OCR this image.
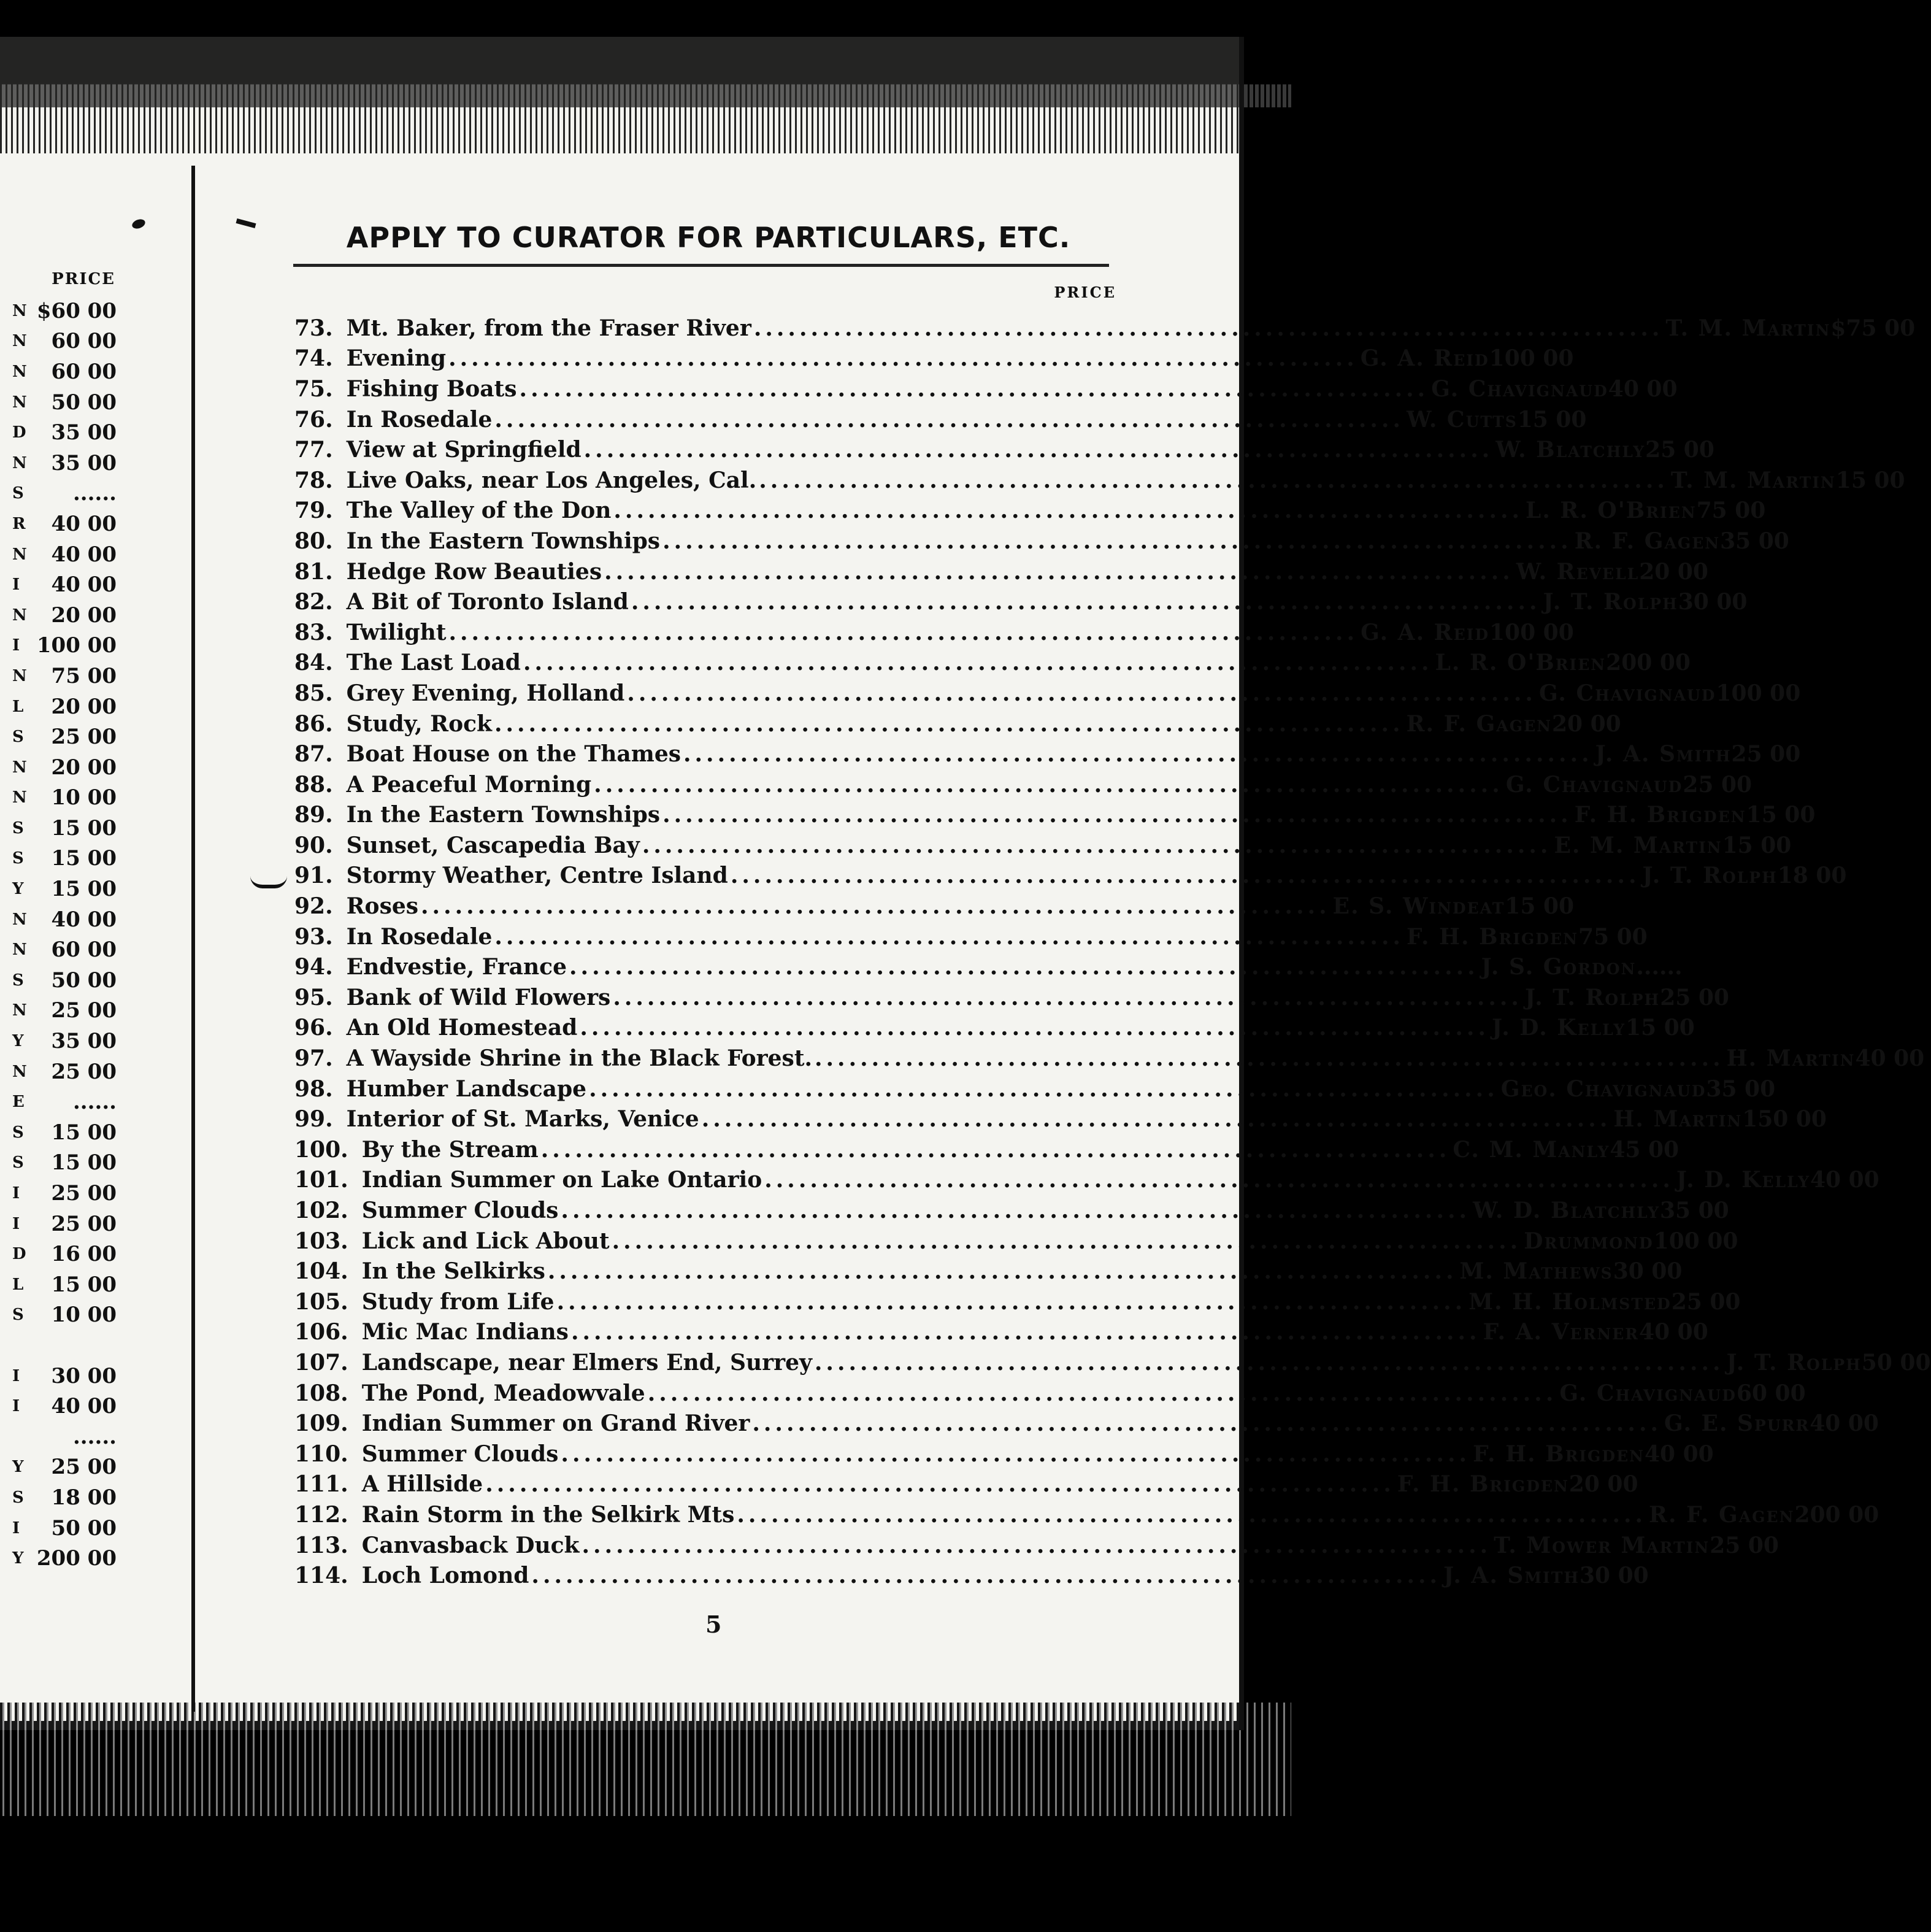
PRICE
N $60 00
N 60 00
N 60 00
N 50 00
D 35 00
N 35 00
S ......
R 40 00
N 40 00
I 40 00
N 20 00
I 100 00
N 75 00
L 20 00
S 25 00
N 20 00
N 10 00
S 15 00
S 15 00
Y 15 00
N 40 00
N 60 00
S 50 00
N 25 00
Y 35 00
N 25 00
E ......
S 15 00
S 15 00
I 25 00
I 25 00
D 16 00
L 15 00
S 10 00
I 30 00
I 40 00
......
Y 25 00
S 18 00
I 50 00
Y 200 00
APPLY TO CURATOR FOR PARTICULARS, ETC.
PRICE
73. Mt. Baker, from the Fraser River ................................................................................ T. M. Martin $75 00
74. Evening ................................................................................ G. A. Reid 100 00
75. Fishing Boats ................................................................................ G. Chavignaud 40 00
76. In Rosedale ................................................................................ W. Cutts 15 00
77. View at Springfield ................................................................................ W. Blatchly 25 00
78. Live Oaks, near Los Angeles, Cal. ................................................................................ T. M. Martin 15 00
79. The Valley of the Don ................................................................................ L. R. O'Brien 75 00
80. In the Eastern Townships ................................................................................ R. F. Gagen 35 00
81. Hedge Row Beauties ................................................................................ W. Revell 20 00
82. A Bit of Toronto Island ................................................................................ J. T. Rolph 30 00
83. Twilight ................................................................................ G. A. Reid 100 00
84. The Last Load ................................................................................ L. R. O'Brien 200 00
85. Grey Evening, Holland ................................................................................ G. Chavignaud 100 00
86. Study, Rock ................................................................................ R. F. Gagen 20 00
87. Boat House on the Thames ................................................................................ J. A. Smith 25 00
88. A Peaceful Morning ................................................................................ G. Chavignaud 25 00
89. In the Eastern Townships ................................................................................ F. H. Brigden 15 00
90. Sunset, Cascapedia Bay ................................................................................ E. M. Martin 15 00
91. Stormy Weather, Centre Island ................................................................................ J. T. Rolph 18 00
92. Roses ................................................................................ E. S. Windeat 15 00
93. In Rosedale ................................................................................ F. H. Brigden 75 00
94. Endvestie, France ................................................................................ J. S. Gordon ......
95. Bank of Wild Flowers ................................................................................ J. T. Rolph 25 00
96. An Old Homestead ................................................................................ J. D. Kelly 15 00
97. A Wayside Shrine in the Black Forest. ................................................................................ H. Martin 40 00
98. Humber Landscape ................................................................................ Geo. Chavignaud 35 00
99. Interior of St. Marks, Venice ................................................................................ H. Martin 150 00
100. By the Stream ................................................................................ C. M. Manly 45 00
101. Indian Summer on Lake Ontario ................................................................................ J. D. Kelly 40 00
102. Summer Clouds ................................................................................ W. D. Blatchly 35 00
103. Lick and Lick About ................................................................................ Drummond 100 00
104. In the Selkirks ................................................................................ M. Mathews 30 00
105. Study from Life ................................................................................ M. H. Holmsted 25 00
106. Mic Mac Indians ................................................................................ F. A. Verner 40 00
107. Landscape, near Elmers End, Surrey ................................................................................ J. T. Rolph 50 00
108. The Pond, Meadowvale ................................................................................ G. Chavignaud 60 00
109. Indian Summer on Grand River ................................................................................ G. E. Spurr 40 00
110. Summer Clouds ................................................................................ F. H. Brigden 40 00
111. A Hillside ................................................................................ F. H. Brigden 20 00
112. Rain Storm in the Selkirk Mts ................................................................................ R. F. Gagen 200 00
113. Canvasback Duck ................................................................................ T. Mower Martin 25 00
114. Loch Lomond ................................................................................ J. A. Smith 30 00
5
